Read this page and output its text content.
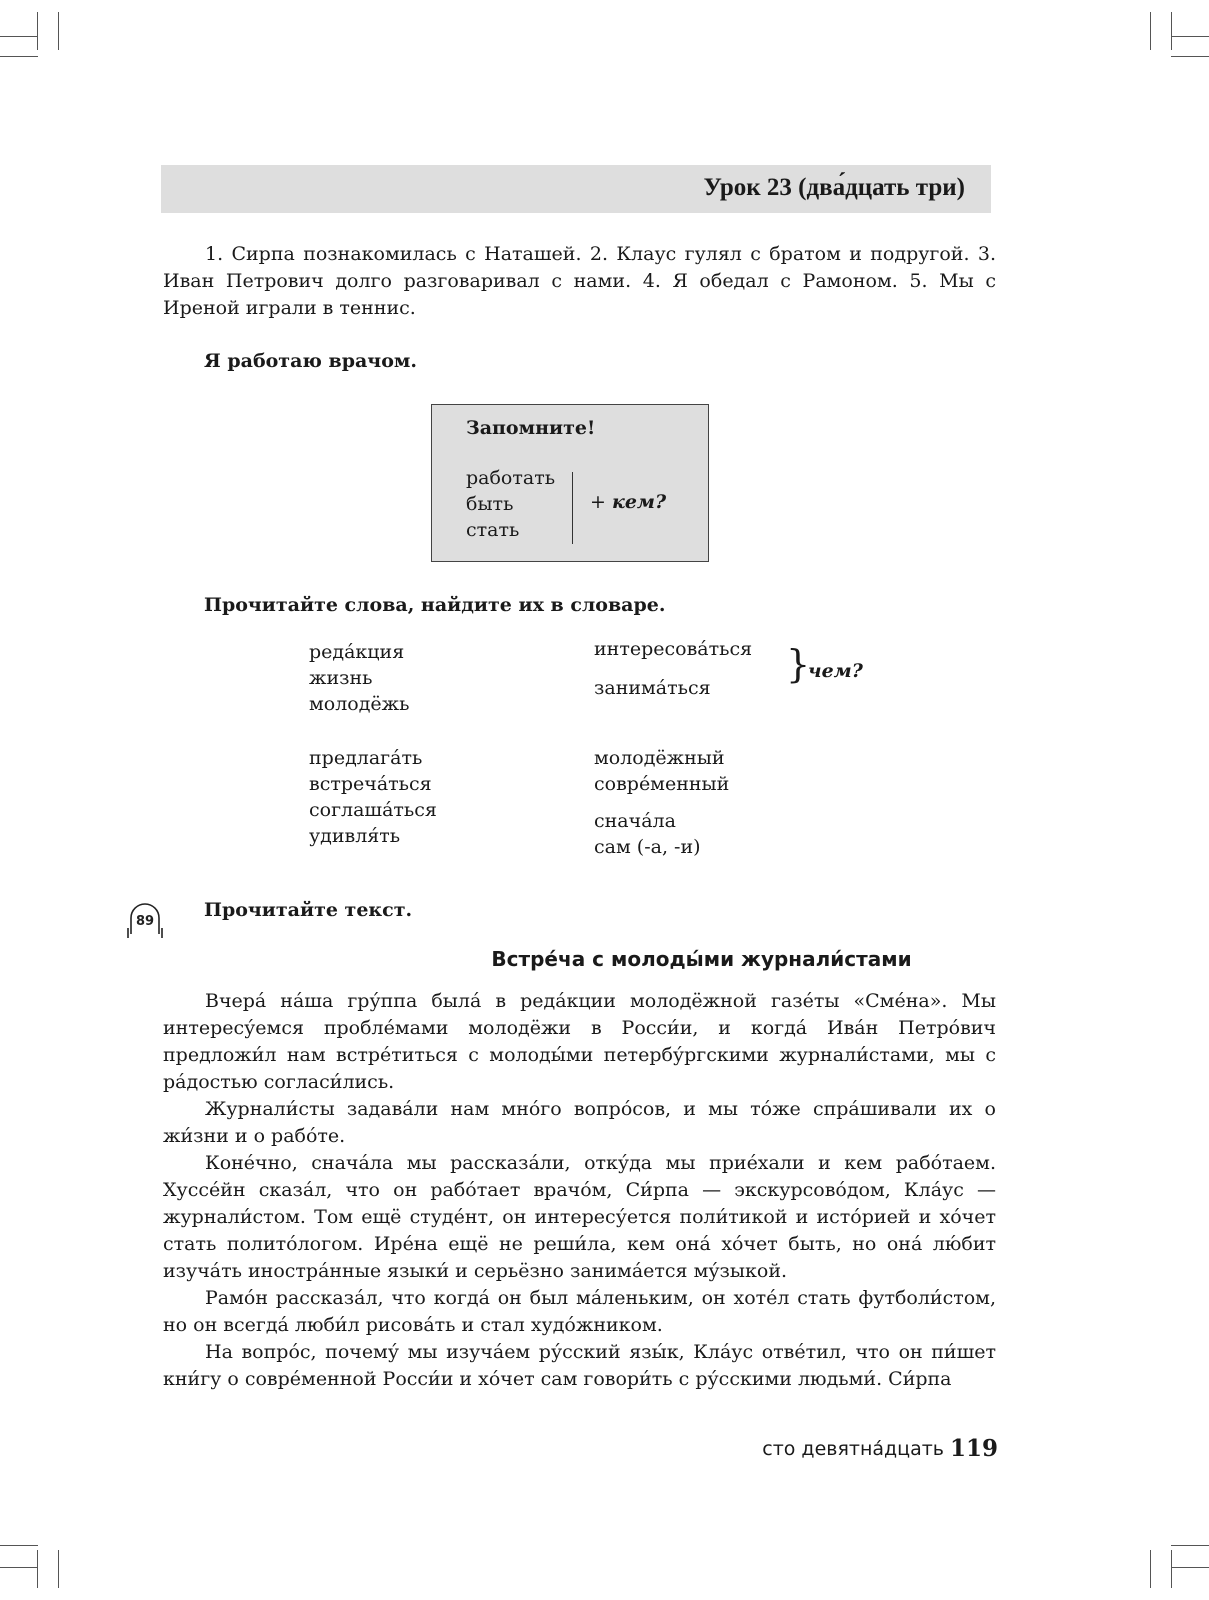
Урок 23 (два́дцать три)
1. Сирпа познакомилась с Наташей. 2. Клаус гулял с братом и подругой. 3. Иван Петрович долго разговаривал с нами. 4. Я обедал с Рамоном. 5. Мы с Иреной играли в теннис.
Я работаю врачом.
Запомните!
работать
быть
стать
+ кем?
Прочитайте слова, найдите их в словаре.
реда́кция
жизнь
молодёжь
предлага́ть
встреча́ться
соглаша́ться
удивля́ть
интересова́ться
занима́ться
}
чем?
молодёжный
совре́менный
снача́ла
сам (-а, -и)
89
Прочитайте текст.
Встре́ча с молоды́ми журнали́стами
Вчера́ на́ша гру́ппа была́ в реда́кции молодёжной газе́ты «Сме́на». Мы интересу́емся пробле́мами молодёжи в Росси́и, и когда́ Ива́н Петро́вич предложи́л нам встре́титься с молоды́ми петербу́ргскими журнали́стами, мы с ра́достью согласи́лись.
Журнали́сты задава́ли нам мно́го вопро́сов, и мы то́же спра́шивали их о жи́зни и о рабо́те.
Коне́чно, снача́ла мы рассказа́ли, отку́да мы прие́хали и кем рабо́таем. Хуссе́йн сказа́л, что он рабо́тает врачо́м, Си́рпа — экскурсово́дом, Кла́ус — журнали́стом. Том ещё студе́нт, он интересу́ется поли́тикой и исто́рией и хо́чет стать полито́логом. Ире́на ещё не реши́ла, кем она́ хо́чет быть, но она́ лю́бит изуча́ть иностра́нные языки́ и серьёзно занима́ется му́зыкой.
Рамо́н рассказа́л, что когда́ он был ма́леньким, он хоте́л стать футболи́стом, но он всегда́ люби́л рисова́ть и стал худо́жником.
На вопро́с, почему́ мы изуча́ем ру́сский язы́к, Кла́ус отве́тил, что он пи́шет кни́гу о совре́менной Росси́и и хо́чет сам говори́ть с ру́сскими людьми́. Си́рпа
сто девятна́дцать 119
